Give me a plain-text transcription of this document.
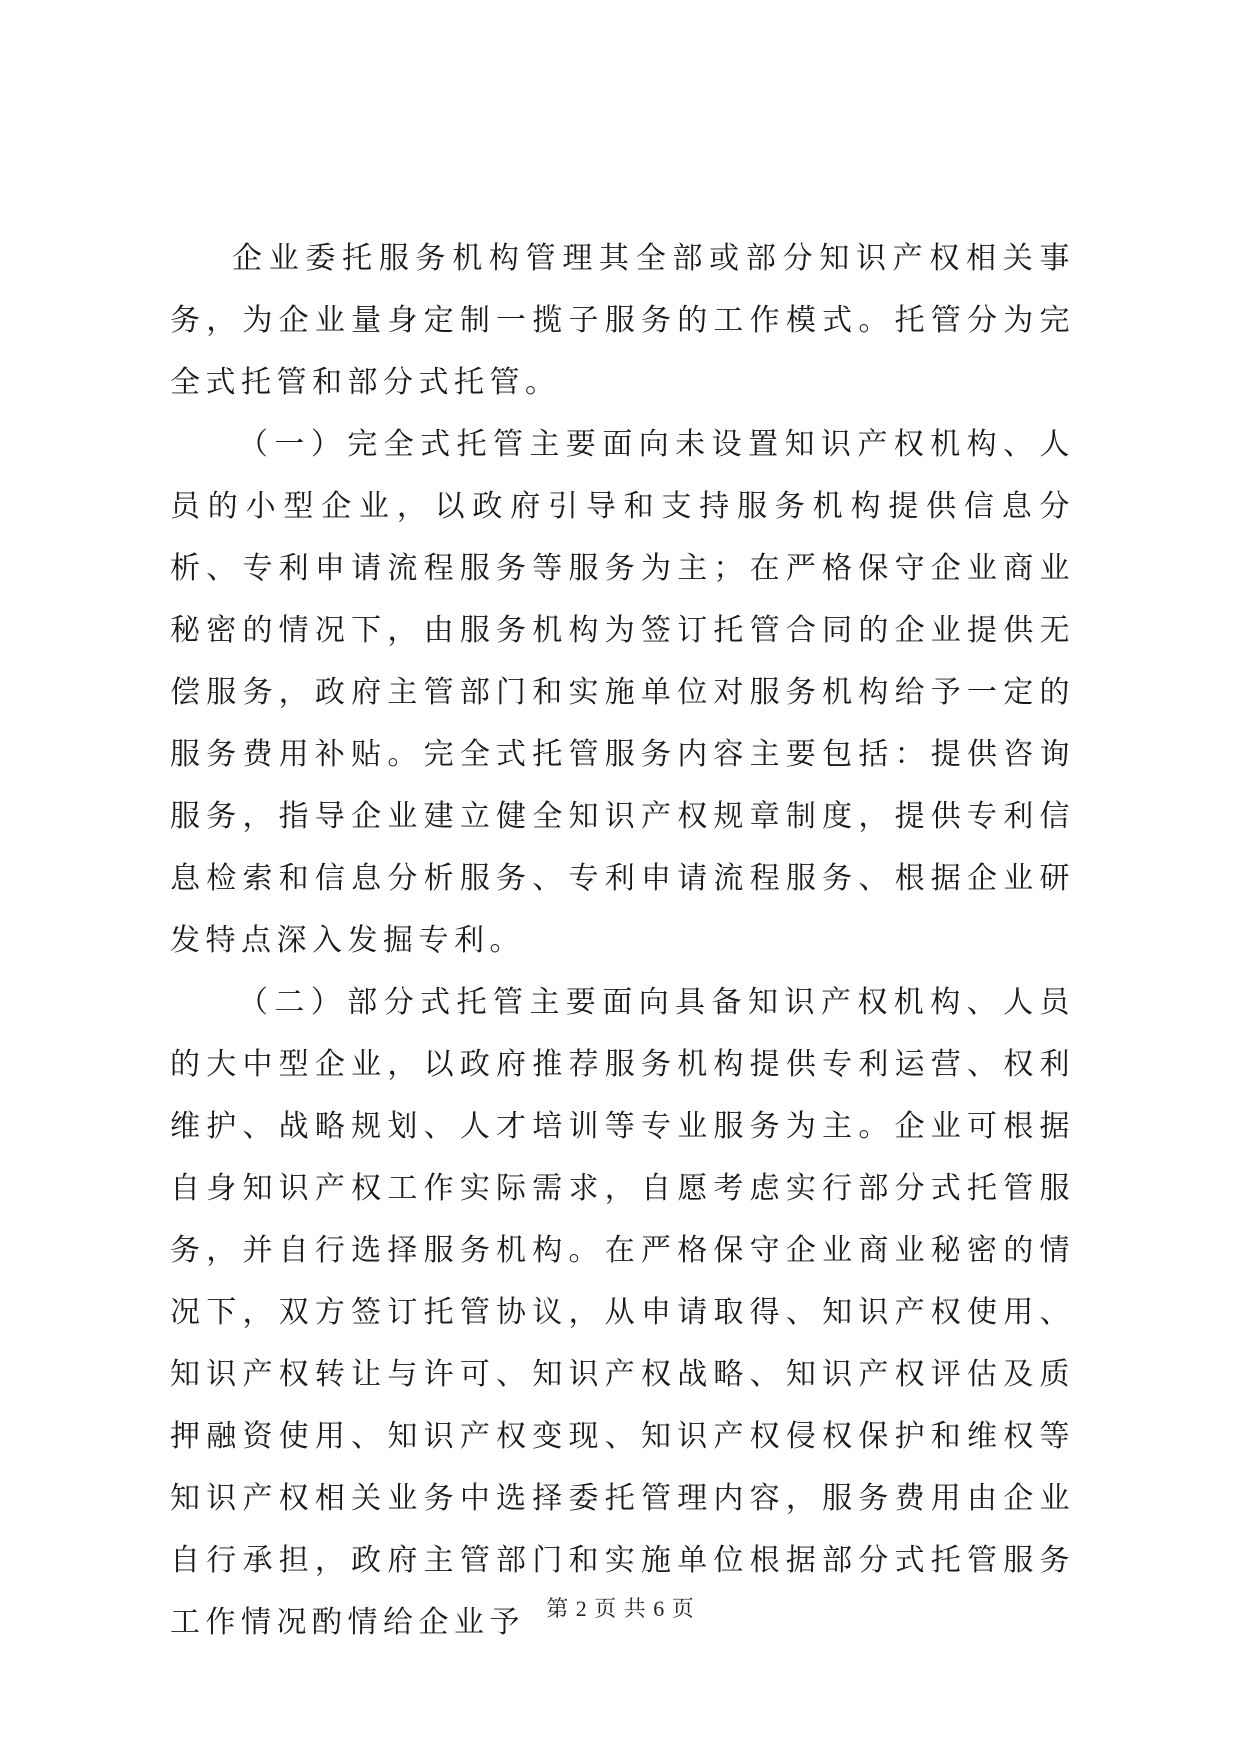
企业委托服务机构管理其全部或部分知识产权相关事务，为企业量身定制一揽子服务的工作模式。托管分为完全式托管和部分式托管。

（一）完全式托管主要面向未设置知识产权机构、人员的小型企业，以政府引导和支持服务机构提供信息分析、专利申请流程服务等服务为主；在严格保守企业商业秘密的情况下，由服务机构为签订托管合同的企业提供无偿服务，政府主管部门和实施单位对服务机构给予一定的服务费用补贴。完全式托管服务内容主要包括：提供咨询服务，指导企业建立健全知识产权规章制度，提供专利信息检索和信息分析服务、专利申请流程服务、根据企业研发特点深入发掘专利。

（二）部分式托管主要面向具备知识产权机构、人员的大中型企业，以政府推荐服务机构提供专利运营、权利维护、战略规划、人才培训等专业服务为主。企业可根据自身知识产权工作实际需求，自愿考虑实行部分式托管服务，并自行选择服务机构。在严格保守企业商业秘密的情况下，双方签订托管协议，从申请取得、知识产权使用、知识产权转让与许可、知识产权战略、知识产权评估及质押融资使用、知识产权变现、知识产权侵权保护和维权等知识产权相关业务中选择委托管理内容，服务费用由企业自行承担，政府主管部门和实施单位根据部分式托管服务工作情况酌情给企业予 第 2 页 共 6 页
